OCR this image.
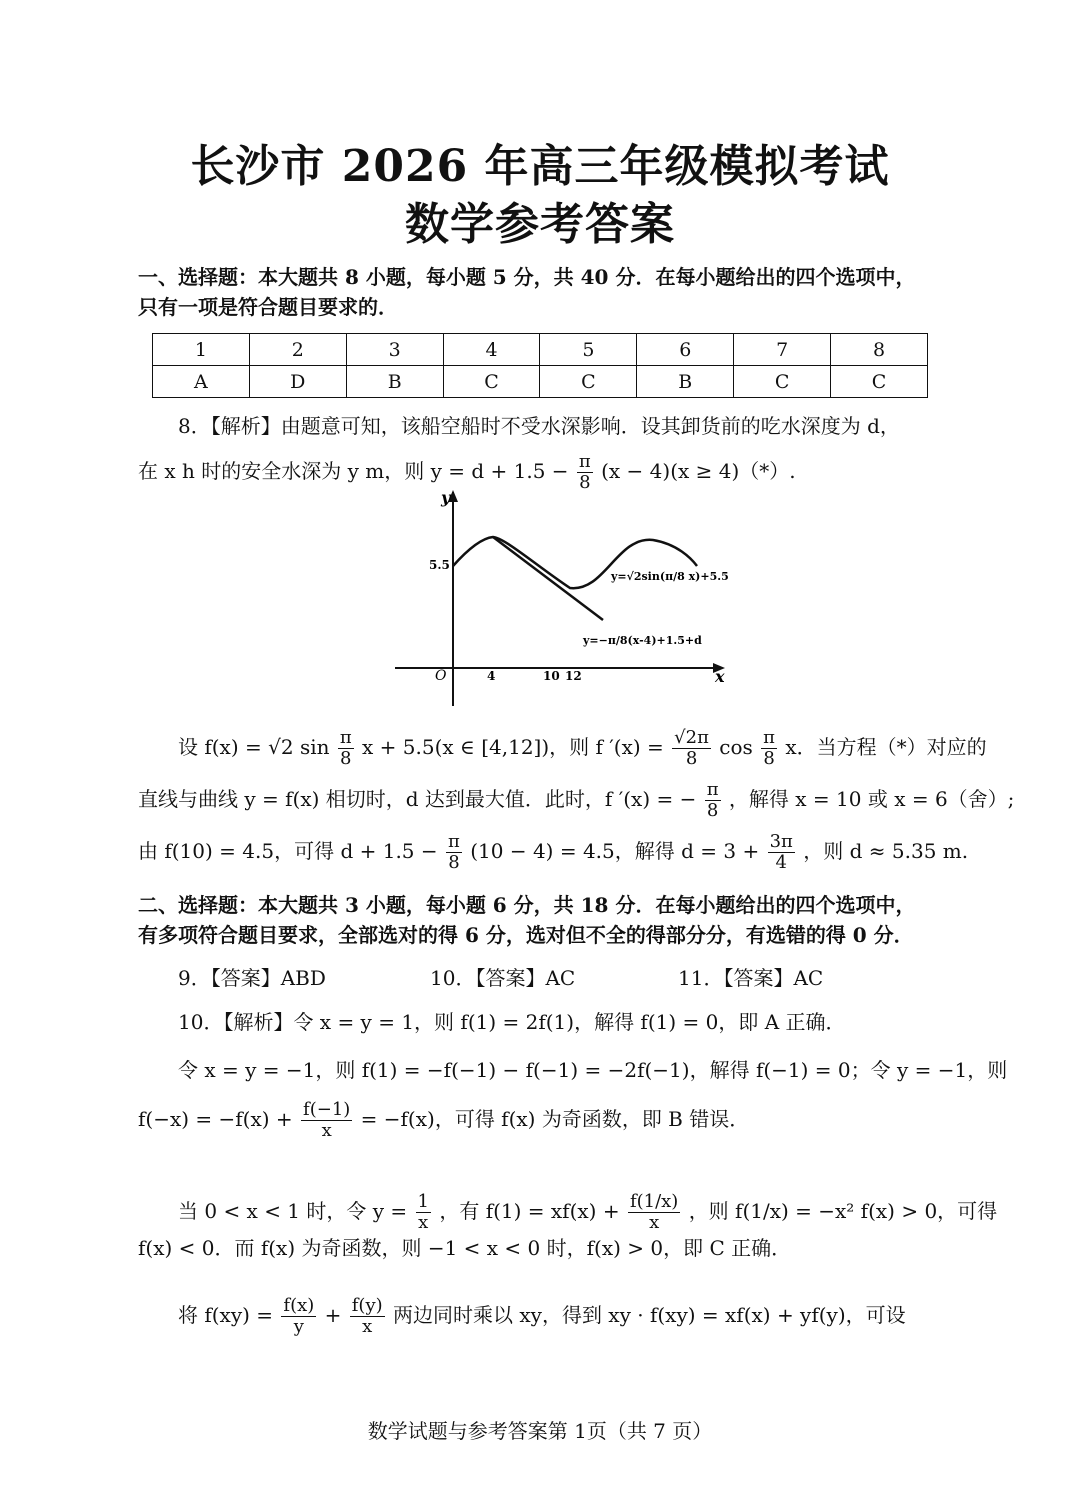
长沙市 2026 年高三年级模拟考试
数学参考答案
一、选择题：本大题共 8 小题，每小题 5 分，共 40 分．在每小题给出的四个选项中，
只有一项是符合题目要求的．
1	2	3	4	5	6	7	8
A	D	B	C	C	B	C	C
8．【解析】由题意可知，该船空船时不受水深影响．设其卸货前的吃水深度为 d，
在 x h 时的安全水深为 y m，则 $y = d + 1.5 - \frac{\pi}{8} (x - 4)(x \ge 4)(*)$.
y
x
O
5.5
4	10 12
y=√2sin(π/8 x)+5.5
y=−π/8(x-4)+1.5+d
设 f(x) = √2 $\sin \frac{\pi}{8}$ x + 5.5(x ∈ [4,12])，则 f $'(x) = \frac{√2\pi}{8}$ $\cos \frac{\pi}{8}$ x．当方程（*）对应的
直线与曲线 y = f(x) 相切时，d 达到最大值．此时，f ′(x) = − $\frac{\pi}{8}$ ，解得 x = 10 或 x = 6（舍）;
由 f(10) = 4.5，可得 $d + 1.5 - \frac{\pi}{8} (10 - 4) = 4.5$，解得 $d = 3 + \frac{3\pi}{4}$ ，则 d ≈ 5.35 m.
二、选择题：本大题共 3 小题，每小题 6 分，共 18 分．在每小题给出的四个选项中，
有多项符合题目要求，全部选对的得 6 分，选对但不全的得部分分，有选错的得 0 分．
9．【答案】ABD	10．【答案】AC	11．【答案】AC
10．【解析】令 x = y = 1，则 f(1) = 2f(1)，解得 f(1) = 0，即 A 正确．
令 x = y = −1，则 f(1) = −f(−1) − f(−1) = −2f(−1)，解得 f(−1) = 0；令 y = −1，则
$f(-x) = -f(x) + \frac{f(-1)}{x} = -f(x)$，可得 f(x) 为奇函数，即 B 错误．
当 0 < x < 1 时，令 $y = \frac{1}{x}$ ，有 $f(1) = xf(x) + \frac{f(1/x)}{x}$ ，则 f(1/x) = −x² f(x) > 0，可得
f(x) < 0．而 f(x) 为奇函数，则 −1 < x < 0 时，f(x) > 0，即 C 正确．
将 $f(xy) = \frac{f(x)}{y} + \frac{f(y)}{x}$ 两边同时乘以 xy，得到 xy · f(xy) = xf(x) + yf(y)，可设
数学试题与参考答案第 1页（共 7 页）
